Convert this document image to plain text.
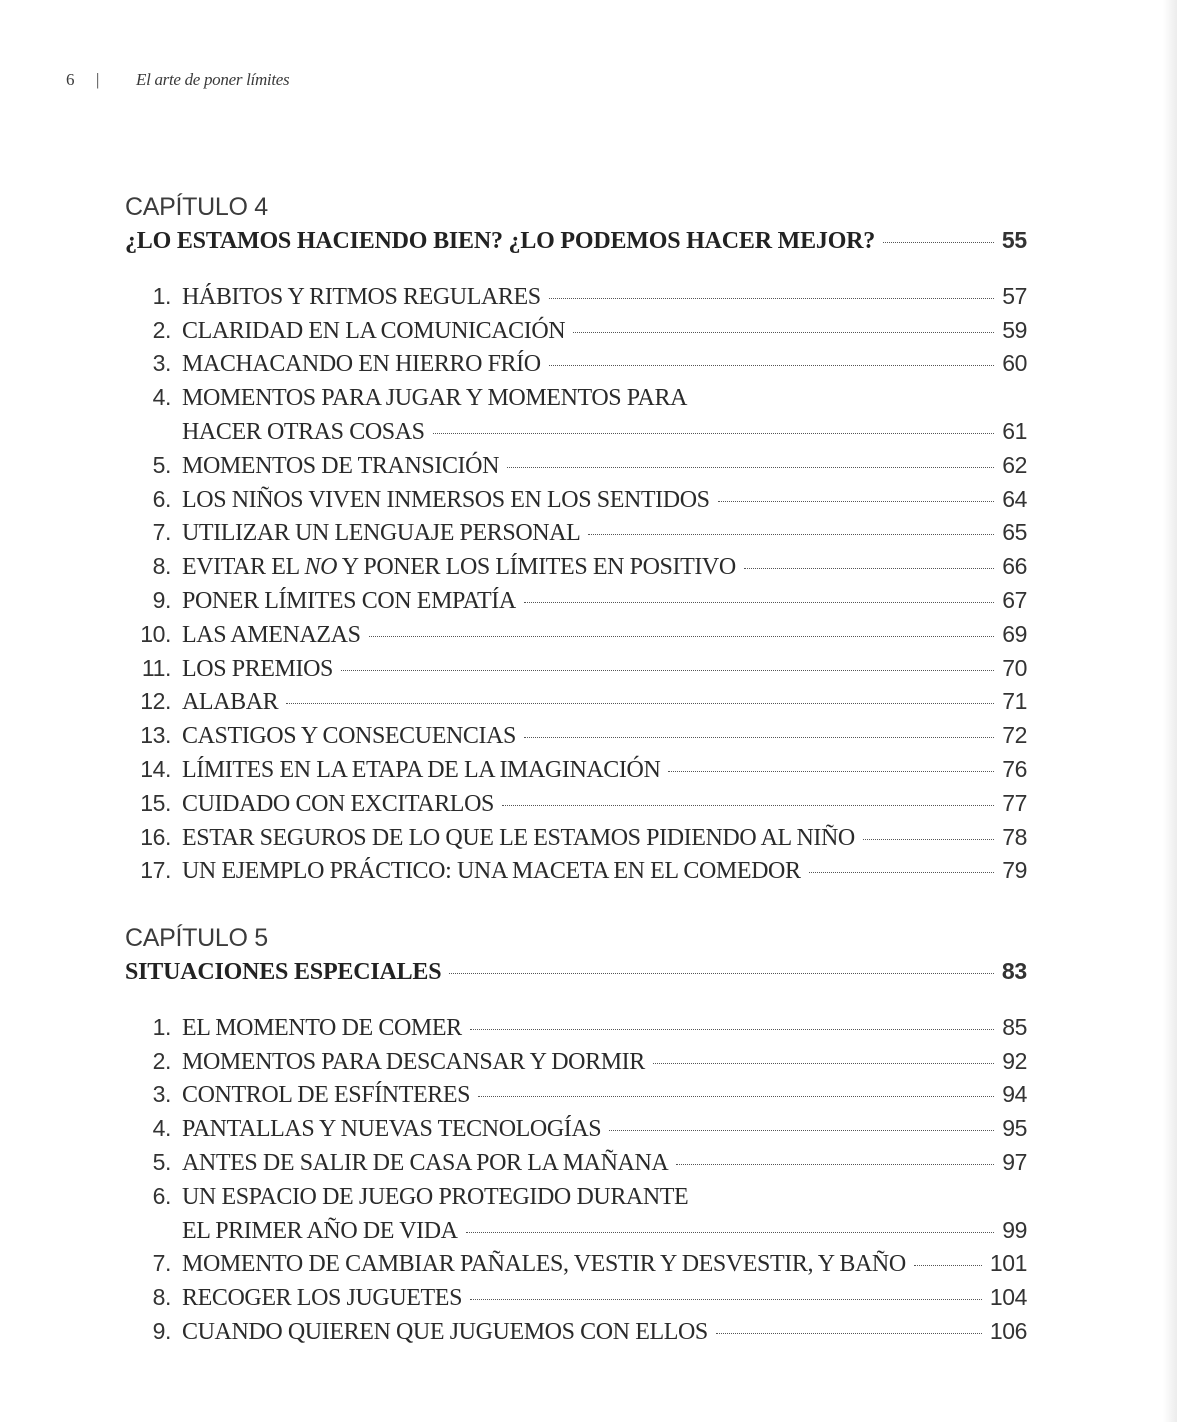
6 | El arte de poner límites
CAPÍTULO 4
¿LO ESTAMOS HACIENDO BIEN? ¿LO PODEMOS HACER MEJOR?	55
1. HÁBITOS Y RITMOS REGULARES	57
2. CLARIDAD EN LA COMUNICACIÓN	59
3. MACHACANDO EN HIERRO FRÍO	60
4. MOMENTOS PARA JUGAR Y MOMENTOS PARA
HACER OTRAS COSAS	61
5. MOMENTOS DE TRANSICIÓN	62
6. LOS NIÑOS VIVEN INMERSOS EN LOS SENTIDOS	64
7. UTILIZAR UN LENGUAJE PERSONAL	65
8. EVITAR EL NO Y PONER LOS LÍMITES EN POSITIVO	66
9. PONER LÍMITES CON EMPATÍA	67
10. LAS AMENAZAS	69
11. LOS PREMIOS	70
12. ALABAR	71
13. CASTIGOS Y CONSECUENCIAS	72
14. LÍMITES EN LA ETAPA DE LA IMAGINACIÓN	76
15. CUIDADO CON EXCITARLOS	77
16. ESTAR SEGUROS DE LO QUE LE ESTAMOS PIDIENDO AL NIÑO	78
17. UN EJEMPLO PRÁCTICO: UNA MACETA EN EL COMEDOR	79
CAPÍTULO 5
SITUACIONES ESPECIALES	83
1. EL MOMENTO DE COMER	85
2. MOMENTOS PARA DESCANSAR Y DORMIR	92
3. CONTROL DE ESFÍNTERES	94
4. PANTALLAS Y NUEVAS TECNOLOGÍAS	95
5. ANTES DE SALIR DE CASA POR LA MAÑANA	97
6. UN ESPACIO DE JUEGO PROTEGIDO DURANTE
EL PRIMER AÑO DE VIDA	99
7. MOMENTO DE CAMBIAR PAÑALES, VESTIR Y DESVESTIR, Y BAÑO	101
8. RECOGER LOS JUGUETES	104
9. CUANDO QUIEREN QUE JUGUEMOS CON ELLOS	106
